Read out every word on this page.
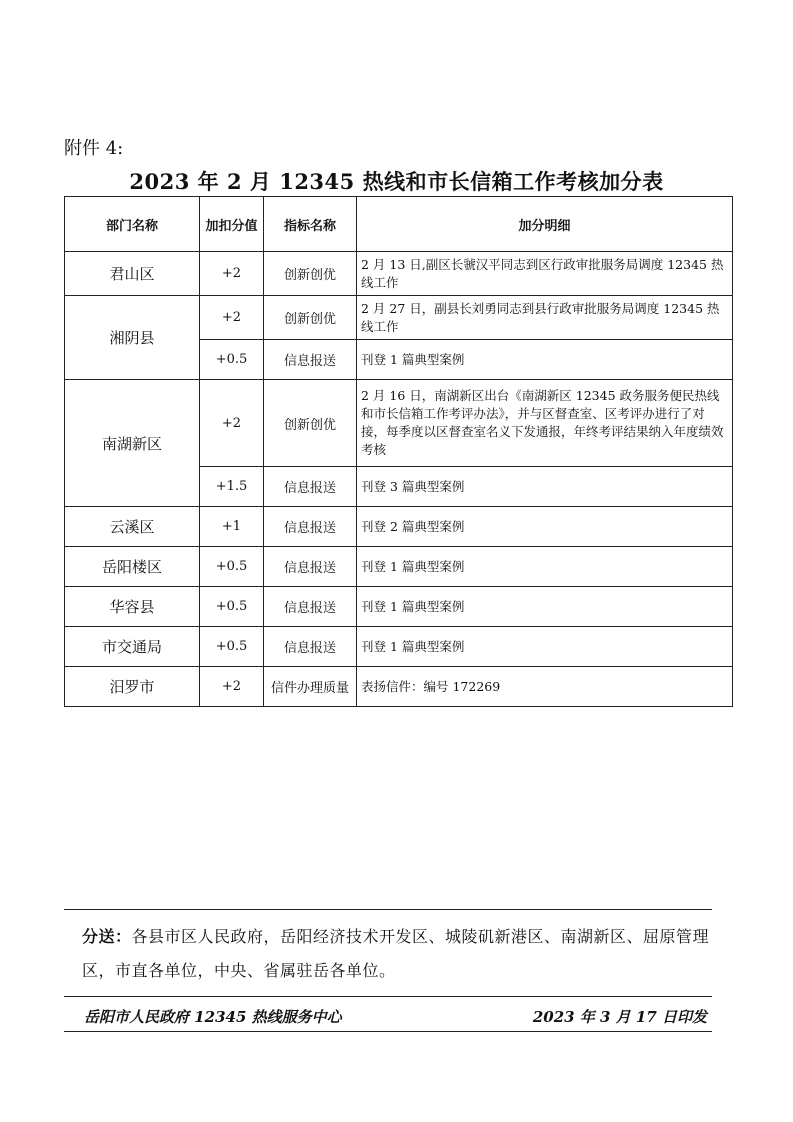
附件 4:
2023 年 2 月 12345 热线和市长信箱工作考核加分表
部门名称	加扣分值	指标名称	加分明细
君山区	+2	创新创优	2 月 13 日,副区长虢汉平同志到区行政审批服务局调度 12345 热线工作
湘阴县	+2	创新创优	2 月 27 日，副县长刘勇同志到县行政审批服务局调度 12345 热线工作
	+0.5	信息报送	刊登 1 篇典型案例
南湖新区	+2	创新创优	2 月 16 日，南湖新区出台《南湖新区 12345 政务服务便民热线和市长信箱工作考评办法》，并与区督查室、区考评办进行了对接，每季度以区督查室名义下发通报，年终考评结果纳入年度绩效考核
	+1.5	信息报送	刊登 3 篇典型案例
云溪区	+1	信息报送	刊登 2 篇典型案例
岳阳楼区	+0.5	信息报送	刊登 1 篇典型案例
华容县	+0.5	信息报送	刊登 1 篇典型案例
市交通局	+0.5	信息报送	刊登 1 篇典型案例
汨罗市	+2	信件办理质量	表扬信件：编号 172269
分送：各县市区人民政府，岳阳经济技术开发区、城陵矶新港区、南湖新区、屈原管理区，市直各单位，中央、省属驻岳各单位。
岳阳市人民政府 12345 热线服务中心	2023 年 3 月 17 日印发
